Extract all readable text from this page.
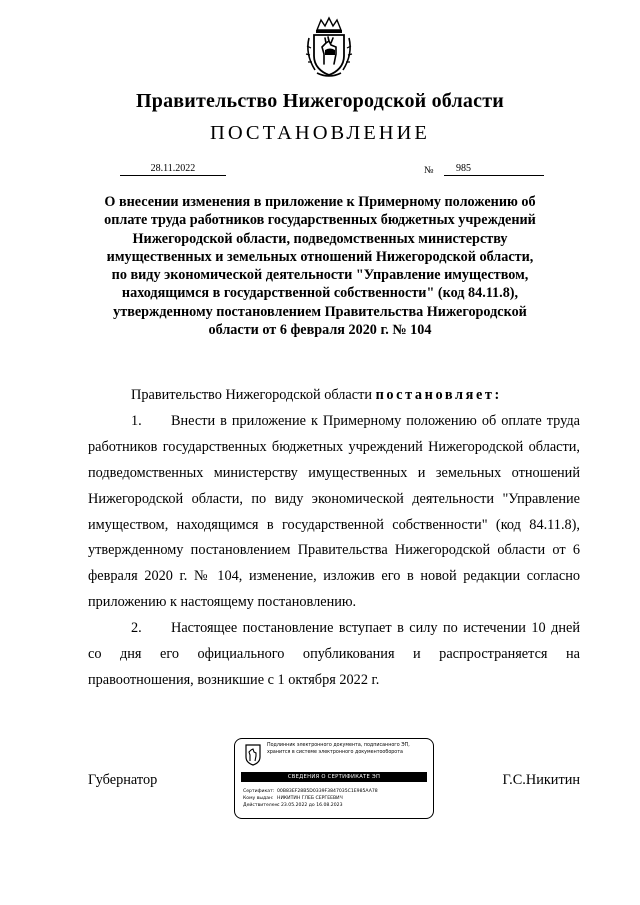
Правительство Нижегородской области
ПОСТАНОВЛЕНИЕ
28.11.2022	№	985
О внесении изменения в приложение к Примерному положению об оплате труда работников государственных бюджетных учреждений Нижегородской области, подведомственных министерству имущественных и земельных отношений Нижегородской области, по виду экономической деятельности "Управление имуществом, находящимся в государственной собственности" (код 84.11.8), утвержденному постановлением Правительства Нижегородской области от 6 февраля 2020 г. № 104

Правительство Нижегородской области постановляет:

1. Внести в приложение к Примерному положению об оплате труда работников государственных бюджетных учреждений Нижегородской области, подведомственных министерству имущественных и земельных отношений Нижегородской области, по виду экономической деятельности "Управление имуществом, находящимся в государственной собственности" (код 84.11.8), утвержденному постановлением Правительства Нижегородской области от 6 февраля 2020 г. № 104, изменение, изложив его в новой редакции согласно приложению к настоящему постановлению.

2. Настоящее постановление вступает в силу по истечении 10 дней со дня его официального опубликования и распространяется на правоотношения, возникшие с 1 октября 2022 г.

Губернатор	Г.С.Никитин
Подлинник электронного документа, подписанного ЭП, хранится в системе электронного документооборота
СВЕДЕНИЯ О СЕРТИФИКАТЕ ЭП
Сертификат: 00B83EF28B5D0339F3847035C1E985AA78
Кому выдан: НИКИТИН ГЛЕБ СЕРГЕЕВИЧ
Действителен:с 23.05.2022 до 16.08.2023
